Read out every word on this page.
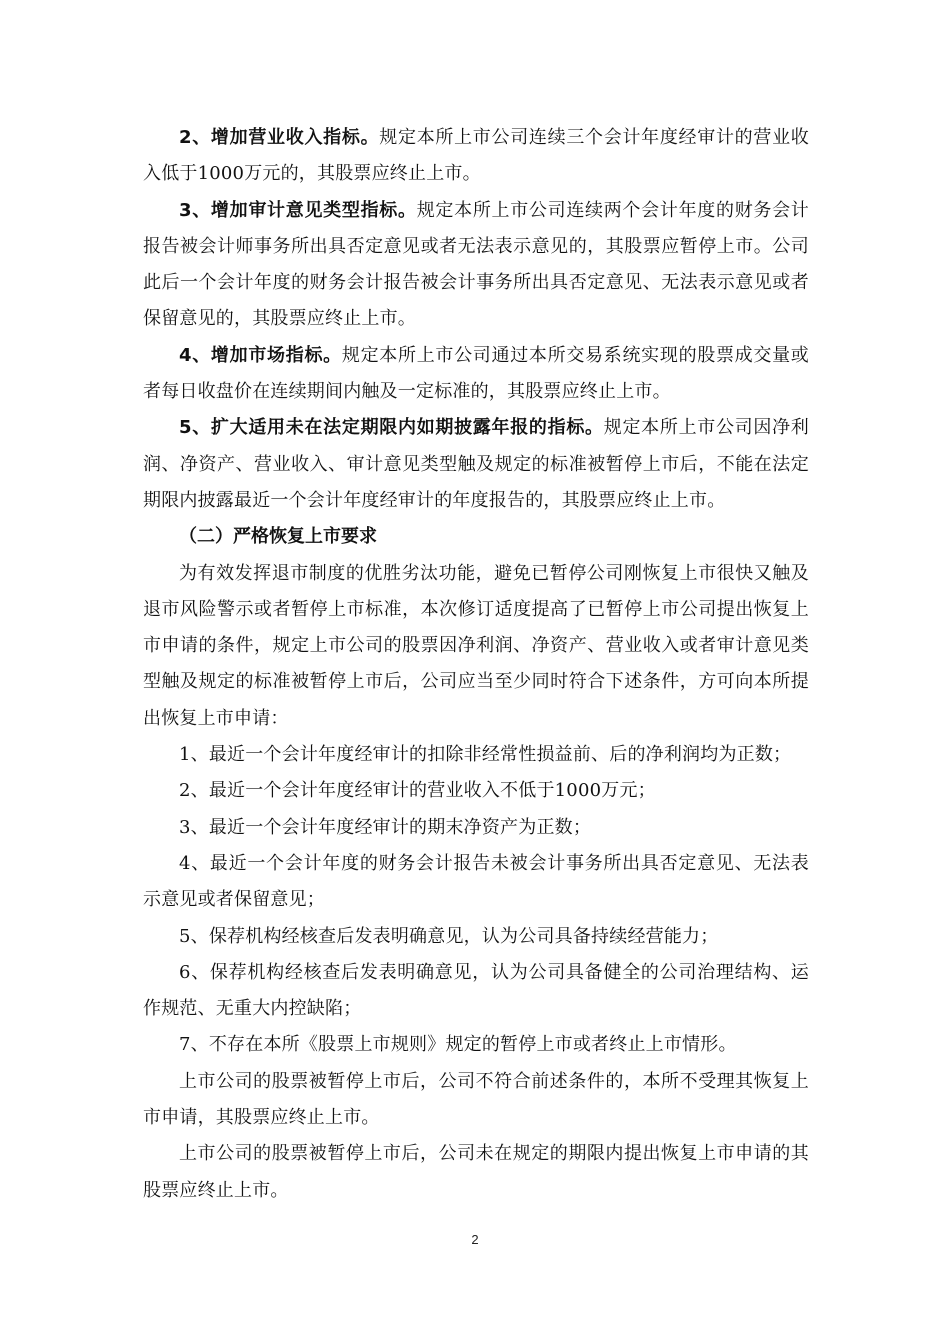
2、增加营业收入指标。规定本所上市公司连续三个会计年度经审计的营业收入低于1000万元的，其股票应终止上市。

3、增加审计意见类型指标。规定本所上市公司连续两个会计年度的财务会计报告被会计师事务所出具否定意见或者无法表示意见的，其股票应暂停上市。公司此后一个会计年度的财务会计报告被会计事务所出具否定意见、无法表示意见或者保留意见的，其股票应终止上市。

4、增加市场指标。规定本所上市公司通过本所交易系统实现的股票成交量或者每日收盘价在连续期间内触及一定标准的，其股票应终止上市。

5、扩大适用未在法定期限内如期披露年报的指标。规定本所上市公司因净利润、净资产、营业收入、审计意见类型触及规定的标准被暂停上市后，不能在法定期限内披露最近一个会计年度经审计的年度报告的，其股票应终止上市。

（二）严格恢复上市要求

为有效发挥退市制度的优胜劣汰功能，避免已暂停公司刚恢复上市很快又触及退市风险警示或者暂停上市标准，本次修订适度提高了已暂停上市公司提出恢复上市申请的条件，规定上市公司的股票因净利润、净资产、营业收入或者审计意见类型触及规定的标准被暂停上市后，公司应当至少同时符合下述条件，方可向本所提出恢复上市申请：

1、最近一个会计年度经审计的扣除非经常性损益前、后的净利润均为正数；

2、最近一个会计年度经审计的营业收入不低于1000万元；

3、最近一个会计年度经审计的期末净资产为正数；

4、最近一个会计年度的财务会计报告未被会计事务所出具否定意见、无法表示意见或者保留意见；

5、保荐机构经核查后发表明确意见，认为公司具备持续经营能力；

6、保荐机构经核查后发表明确意见，认为公司具备健全的公司治理结构、运作规范、无重大内控缺陷；

7、不存在本所《股票上市规则》规定的暂停上市或者终止上市情形。

上市公司的股票被暂停上市后，公司不符合前述条件的，本所不受理其恢复上市申请，其股票应终止上市。

上市公司的股票被暂停上市后，公司未在规定的期限内提出恢复上市申请的其股票应终止上市。

2
